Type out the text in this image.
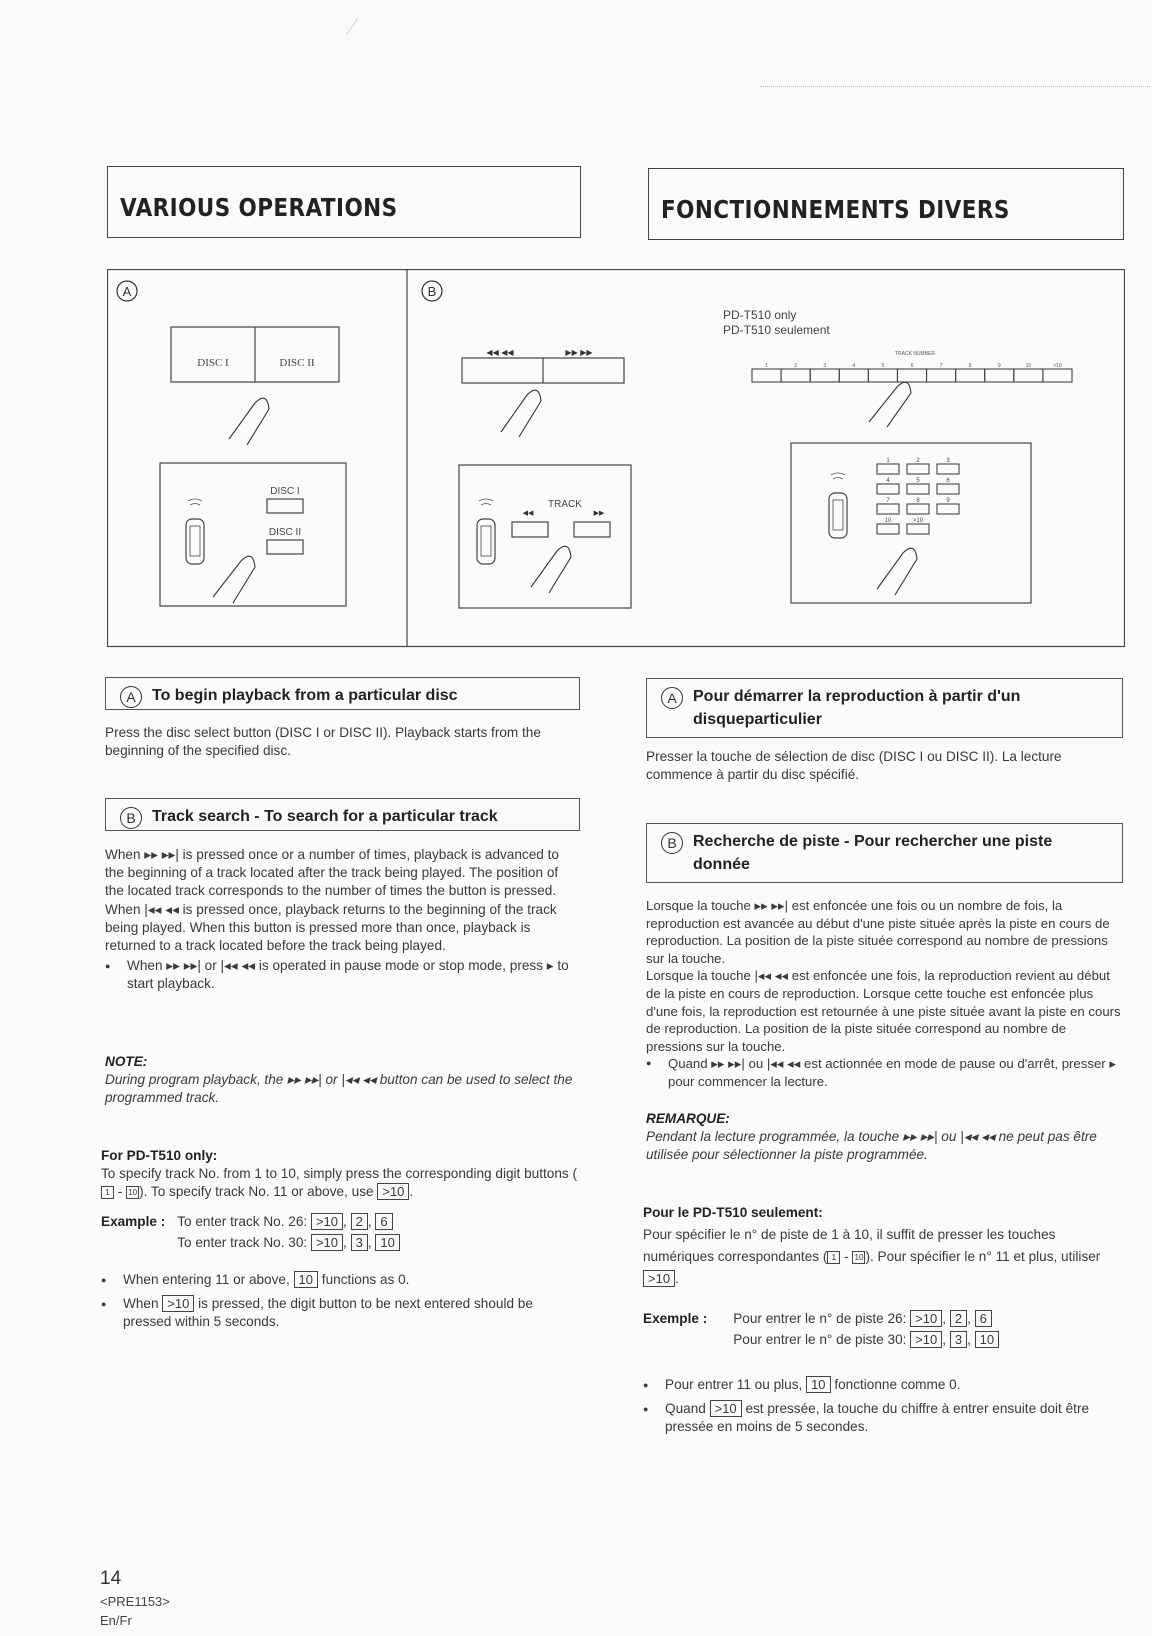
VARIOUS OPERATIONS	FONCTIONNEMENTS DIVERS
A
DISC I	DISC II
DISC I
DISC II
B
◀◀ ◀◀	▶▶ ▶▶
TRACK
◀◀	▶▶
PD-T510 only
PD-T510 seulement
TRACK NUMBER
1	2	3	4	5	6	7	8	9	10	>10
1	2	3
4	5	6
7	8	9
10	>10
A	To begin playback from a particular disc
Press the disc select button (DISC I or DISC II). Playback starts from the beginning of the specified disc.
B	Track search - To search for a particular track
When ▸▸ ▸▸| is pressed once or a number of times, playback is advanced to the beginning of a track located after the track being played. The position of the located track corresponds to the number of times the button is pressed.
When |◂◂ ◂◂ is pressed once, playback returns to the beginning of the track being played. When this button is pressed more than once, playback is returned to a track located before the track being played.
● When ▸▸ ▸▸| or |◂◂ ◂◂ is operated in pause mode or stop mode, press ▸ to start playback.
NOTE:
During program playback, the ▸▸ ▸▸| or |◂◂ ◂◂ button can be used to select the programmed track.
For PD-T510 only:
To specify track No. from 1 to 10, simply press the corresponding digit buttons (1 - 10 ). To specify track No. 11 or above, use >10 .
Example : To enter track No. 26: >10 , 2 , 6
To enter track No. 30: >10 , 3 , 10
● When entering 11 or above, 10 functions as 0.
● When >10 is pressed, the digit button to be next entered should be pressed within 5 seconds.
A	Pour démarrer la reproduction à partir d'un disqueparticulier
Presser la touche de sélection de disc (DISC I ou DISC II). La lecture commence à partir du disc spécifié.
B	Recherche de piste - Pour rechercher une piste donnée
Lorsque la touche ▸▸ ▸▸| est enfoncée une fois ou un nombre de fois, la reproduction est avancée au début d'une piste située après la piste en cours de reproduction. La position de la piste située correspond au nombre de pressions sur la touche.
Lorsque la touche |◂◂ ◂◂ est enfoncée une fois, la reproduction revient au début de la piste en cours de reproduction. Lorsque cette touche est enfoncée plus d'une fois, la reproduction est retournée à une piste située avant la piste en cours de reproduction. La position de la piste située correspond au nombre de pressions sur la touche.
● Quand ▸▸ ▸▸| ou |◂◂ ◂◂ est actionnée en mode de pause ou d'arrêt, presser ▸ pour commencer la lecture.
REMARQUE:
Pendant la lecture programmée, la touche ▸▸ ▸▸| ou |◂◂ ◂◂ ne peut pas être utilisée pour sélectionner la piste programmée.
Pour le PD-T510 seulement:
Pour spécifier le n° de piste de 1 à 10, il suffit de presser les touches numériques correspondantes ( 1 - 10 ). Pour spécifier le n° 11 et plus, utiliser >10 .
Exemple : Pour entrer le n° de piste 26: >10 , 2 , 6
Pour entrer le n° de piste 30: >10 , 3 , 10
● Pour entrer 11 ou plus, 10 fonctionne comme 0.
● Quand >10 est pressée, la touche du chiffre à entrer ensuite doit être pressée en moins de 5 secondes.
14
<PRE1153>
En/Fr
